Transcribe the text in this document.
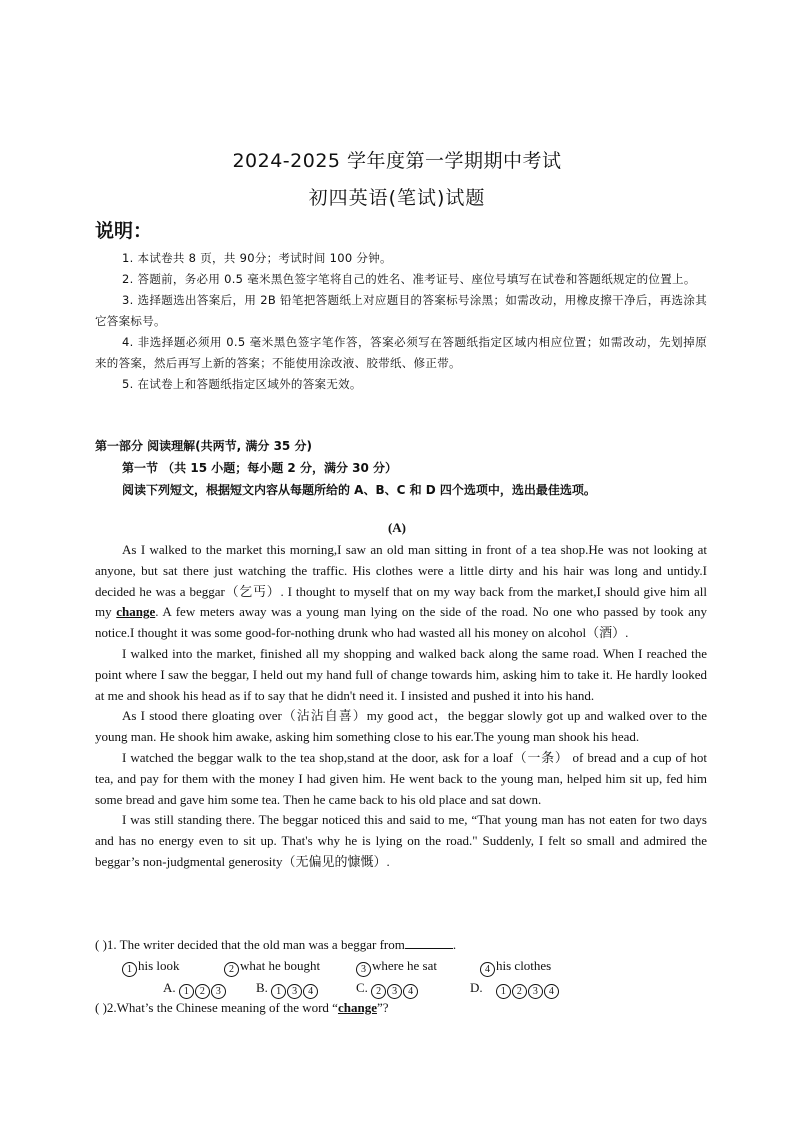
2024-2025 学年度第一学期期中考试
初四英语(笔试)试题
说明：

1. 本试卷共 8 页，共 90分；考试时间 100 分钟。

2. 答题前，务必用 0.5 毫米黑色签字笔将自己的姓名、准考证号、座位号填写在试卷和答题纸规定的位置上。

3. 选择题选出答案后，用 2B 铅笔把答题纸上对应题目的答案标号涂黑；如需改动，用橡皮擦干净后，再选涂其它答案标号。

4. 非选择题必须用 0.5 毫米黑色签字笔作答，答案必须写在答题纸指定区域内相应位置；如需改动，先划掉原来的答案，然后再写上新的答案；不能使用涂改液、胶带纸、修正带。

5. 在试卷上和答题纸指定区域外的答案无效。

第一部分 阅读理解(共两节, 满分 35 分)
第一节 （共 15 小题；每小题 2 分，满分 30 分）
阅读下列短文，根据短文内容从每题所给的 A、B、C 和 D 四个选项中，选出最佳选项。
(A)

As I walked to the market this morning,I saw an old man sitting in front of a tea shop.He was not looking at anyone, but sat there just watching the traffic. His clothes were a little dirty and his hair was long and untidy.I decided he was a beggar（乞丐）. I thought to myself that on my way back from the market,I should give him all my change. A few meters away was a young man lying on the side of the road. No one who passed by took any notice.I thought it was some good-for-nothing drunk who had wasted all his money on alcohol（酒）.

I walked into the market, finished all my shopping and walked back along the same road. When I reached the point where I saw the beggar, I held out my hand full of change towards him, asking him to take it. He hardly looked at me and shook his head as if to say that he didn't need it. I insisted and pushed it into his hand.

As I stood there gloating over（沾沾自喜）my good act，the beggar slowly got up and walked over to the young man. He shook him awake, asking him something close to his ear.The young man shook his head.

I watched the beggar walk to the tea shop,stand at the door, ask for a loaf（一条） of bread and a cup of hot tea, and pay for them with the money I had given him. He went back to the young man, helped him sit up, fed him some bread and gave him some tea. Then he came back to his old place and sat down.

I was still standing there. The beggar noticed this and said to me, “That young man has not eaten for two days and has no energy even to sit up. That's why he is lying on the road." Suddenly, I felt so small and admired the beggar’s non-judgmental generosity（无偏见的慷慨）.

( )1. The writer decided that the old man was a beggar from	.
1 his look	2 what he bought	3 where he sat	4 his clothes
A. 1 2 3	B. 1 3 4	C. 2 3 4	D. 1 2 3 4
( )2.What’s the Chinese meaning of the word “change”?
